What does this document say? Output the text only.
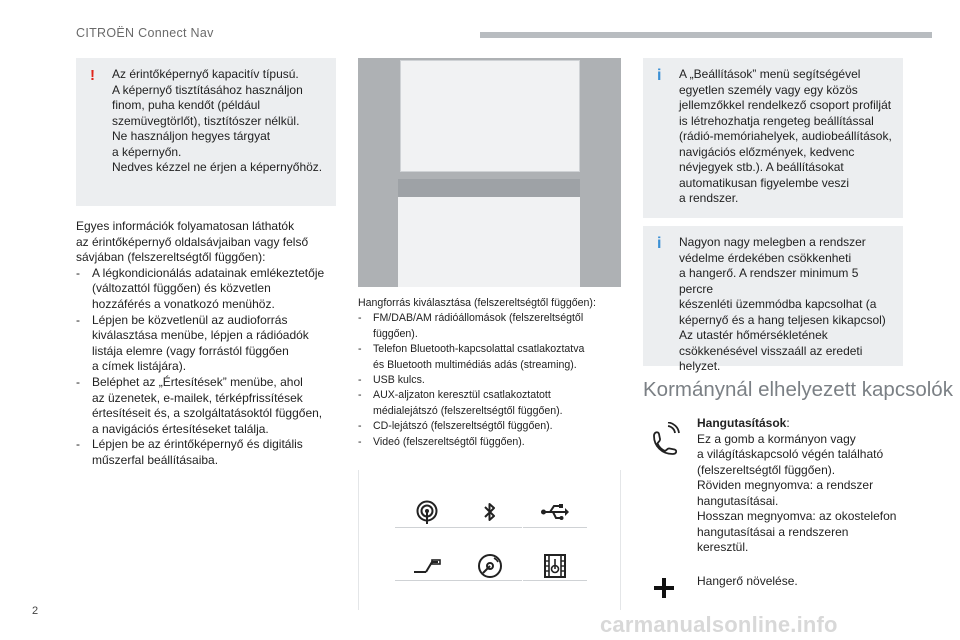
CITROËN Connect Nav
! Az érintőképernyő kapacitív típusú.
A képernyő tisztításához használjon
finom, puha kendőt (például
szemüvegtörlőt), tisztítószer nélkül.
Ne használjon hegyes tárgyat
a képernyőn.
Nedves kézzel ne érjen a képernyőhöz.
Egyes információk folyamatosan láthatók
az érintőképernyő oldalsávjaiban vagy felső
sávjában (felszereltségtől függően):
- A légkondicionálás adatainak emlékeztetője
(változattól függően) és közvetlen
hozzáférés a vonatkozó menühöz.
- Lépjen be közvetlenül az audioforrás
kiválasztása menübe, lépjen a rádióadók
listája elemre (vagy forrástól függően
a címek listájára).
- Beléphet az „Értesítések” menübe, ahol
az üzenetek, e-mailek, térképfrissítések
értesítéseit és, a szolgáltatásoktól függően,
a navigációs értesítéseket találja.
- Lépjen be az érintőképernyő és digitális
műszerfal beállításaiba.
Hangforrás kiválasztása (felszereltségtől függően):
- FM/DAB/AM rádióállomások (felszereltségtől
függően).
- Telefon Bluetooth-kapcsolattal csatlakoztatva
és Bluetooth multimédiás adás (streaming).
- USB kulcs.
- AUX-aljzaton keresztül csatlakoztatott
médialejátszó (felszereltségtől függően).
- CD-lejátszó (felszereltségtől függően).
- Videó (felszereltségtől függően).
i A „Beállítások” menü segítségével
egyetlen személy vagy egy közös
jellemzőkkel rendelkező csoport profilját
is létrehozhatja rengeteg beállítással
(rádió-memóriahelyek, audiobeállítások,
navigációs előzmények, kedvenc
névjegyek stb.). A beállításokat
automatikusan figyelembe veszi
a rendszer.
i Nagyon nagy melegben a rendszer
védelme érdekében csökkenheti
a hangerő. A rendszer minimum 5 percre
készenléti üzemmódba kapcsolhat (a
képernyő és a hang teljesen kikapcsol)
Az utastér hőmérsékletének
csökkenésével visszaáll az eredeti
helyzet.
Kormánynál elhelyezett kapcsolók
Hangutasítások:
Ez a gomb a kormányon vagy
a világításkapcsoló végén található
(felszereltségtől függően).
Röviden megnyomva: a rendszer
hangutasításai.
Hosszan megnyomva: az okostelefon
hangutasításai a rendszeren
keresztül.
Hangerő növelése.
2
carmanualsonline.info
